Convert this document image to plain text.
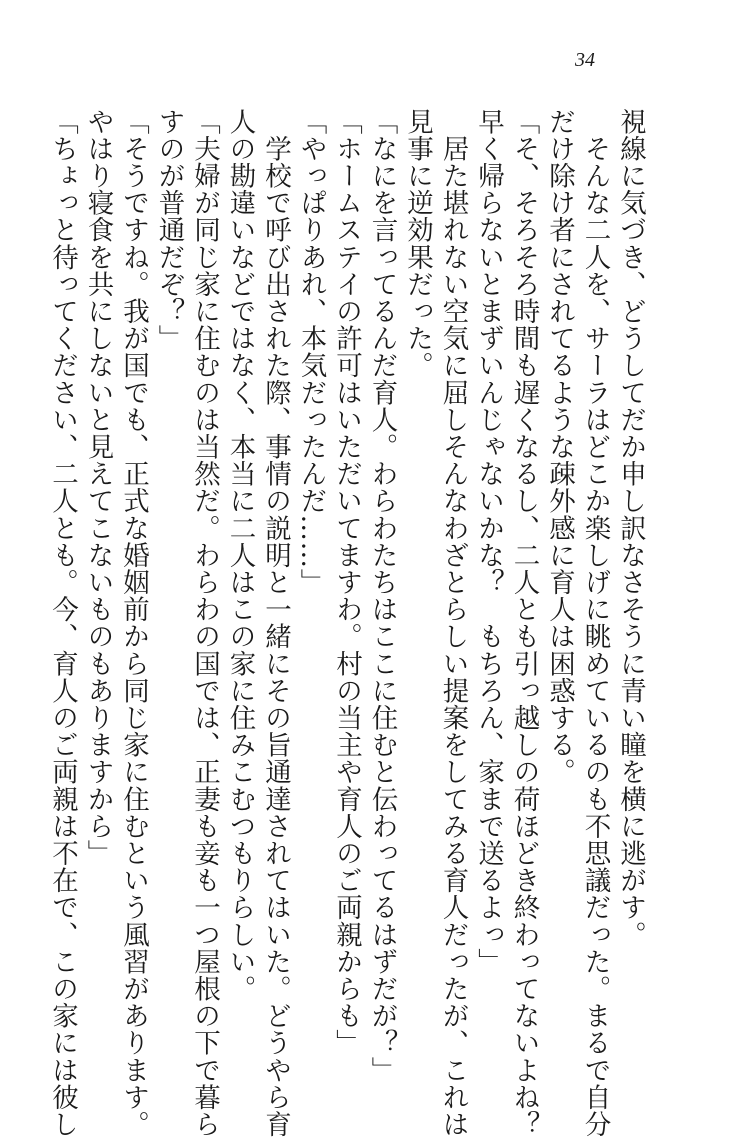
34
視線に気づき、どうしてだか申し訳なさそうに青い瞳を横に逃がす。
　そんな二人を、サーラはどこか楽しげに眺めているのも不思議だった。まるで自分
だけ除け者にされてるような疎外感に育人は困惑する。
「そ、そろそろ時間も遅くなるし、二人とも引っ越しの荷ほどき終わってないよね？
早く帰らないとまずいんじゃないかな？　もちろん、家まで送るよっ」
　居た堪れない空気に屈しそんなわざとらしい提案をしてみる育人だったが、これは
見事に逆効果だった。
「なにを言ってるんだ育人。わらわたちはここに住むと伝わってるはずだが？」
「ホームステイの許可はいただいてますわ。村の当主や育人のご両親からも」
「やっぱりあれ、本気だったんだ……」
　学校で呼び出された際、事情の説明と一緒にその旨通達されてはいた。どうやら育
人の勘違いなどではなく、本当に二人はこの家に住みこむつもりらしい。
「夫婦が同じ家に住むのは当然だ。わらわの国では、正妻も妾も一つ屋根の下で暮ら
すのが普通だぞ？」
「そうですね。我が国でも、正式な婚姻前から同じ家に住むという風習があります。
やはり寝食を共にしないと見えてこないものもありますから」
「ちょっと待ってください、二人とも。今、育人のご両親は不在で、この家には彼し
